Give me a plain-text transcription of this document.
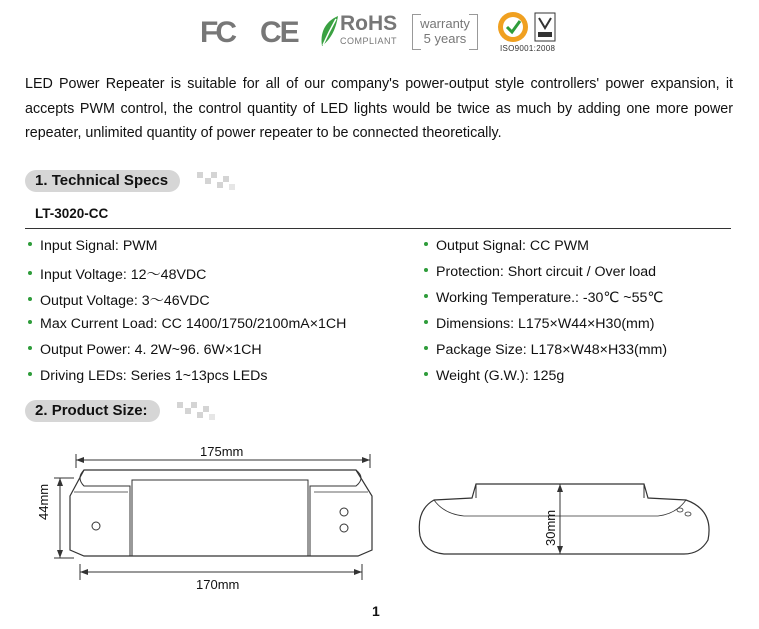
FC CE RoHS
COMPLIANT
warranty
5 years
ISO9001:2008
LED Power Repeater is suitable for all of our company's power-output style controllers' power expansion, it accepts PWM control, the control quantity of LED lights would be twice as much by adding one more power repeater, unlimited quantity of power repeater to be connected theoretically.
1. Technical Specs
LT-3020-CC
Input Signal: PWM
Input Voltage: 12～48VDC
Output Voltage: 3～46VDC
Max Current Load: CC 1400/1750/2100mA×1CH
Output Power: 4. 2W~96. 6W×1CH
Driving LEDs: Series 1~13pcs LEDs
Output Signal: CC PWM
Protection: Short circuit / Over load
Working Temperature.: -30℃ ~55℃
Dimensions: L175×W44×H30(mm)
Package Size: L178×W48×H33(mm)
Weight (G.W.): 125g
2. Product Size:
175mm
170mm
44mm
30mm
1
